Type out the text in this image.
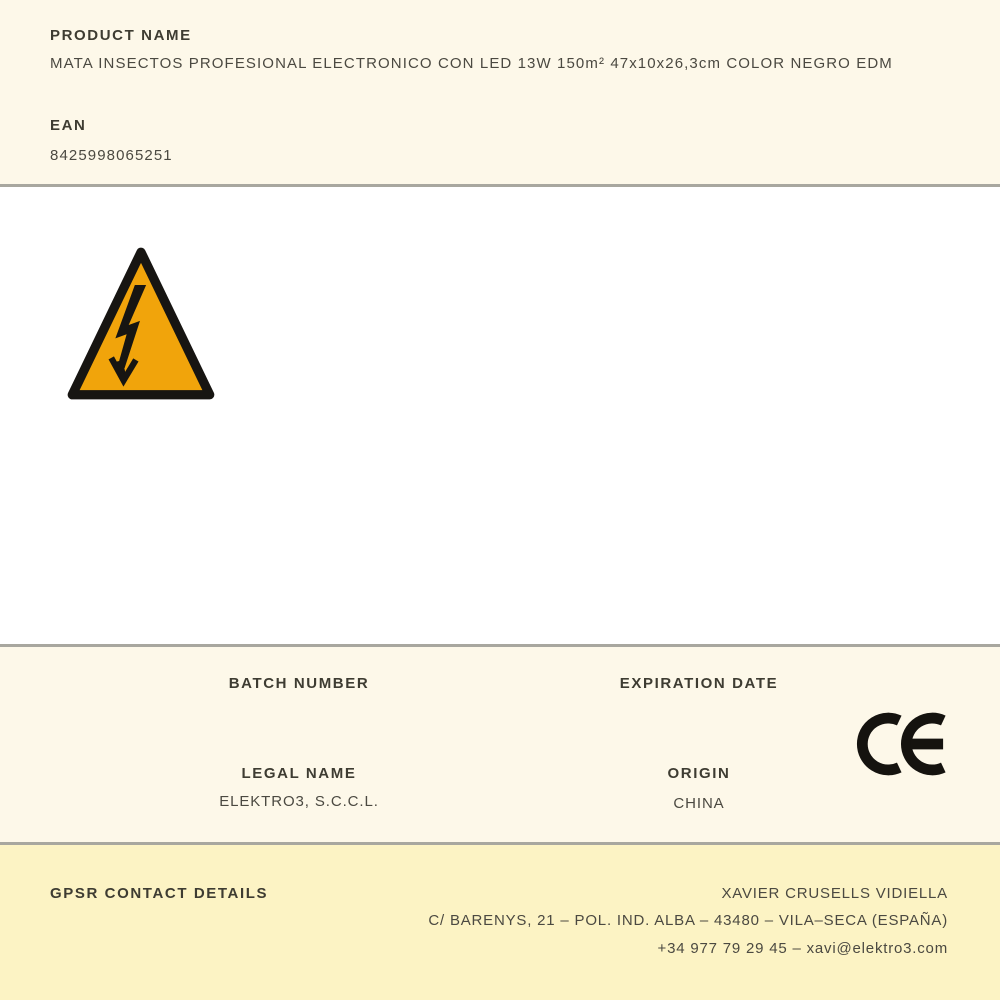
PRODUCT NAME
MATA INSECTOS PROFESIONAL ELECTRONICO CON LED 13W 150m² 47x10x26,3cm COLOR NEGRO EDM
EAN
8425998065251
BATCH NUMBER
LEGAL NAME
ELEKTRO3, S.C.C.L.
EXPIRATION DATE
ORIGIN
CHINA
GPSR CONTACT DETAILS	XAVIER CRUSELLS VIDIELLA
C/ BARENYS, 21 – POL. IND. ALBA – 43480 – VILA–SECA (ESPAÑA)
+34 977 79 29 45 – xavi@elektro3.com
